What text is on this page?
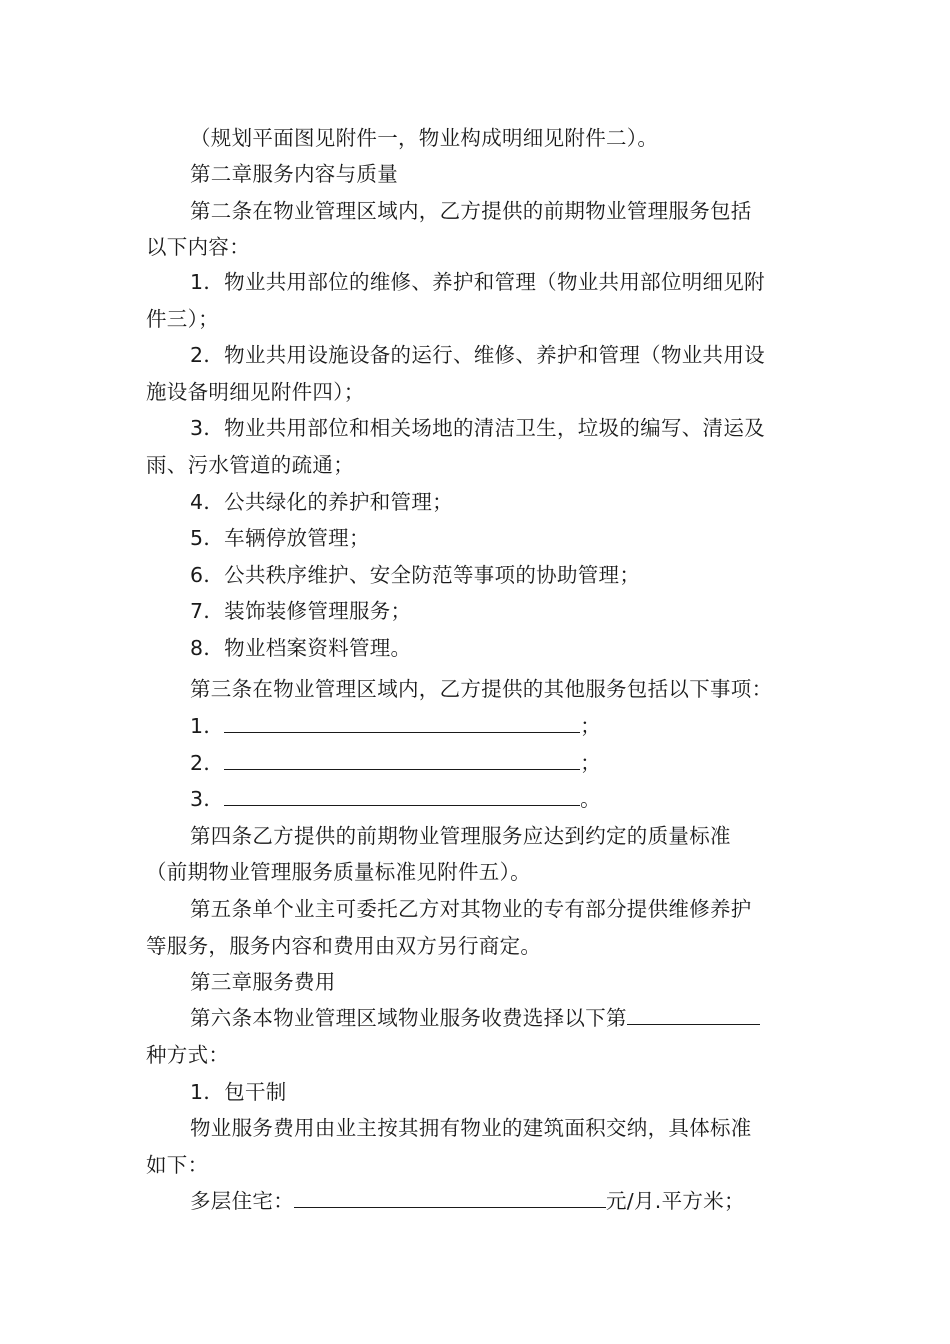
（规划平面图见附件一，物业构成明细见附件二）。
第二章服务内容与质量
第二条在物业管理区域内，乙方提供的前期物业管理服务包括
以下内容：
1．物业共用部位的维修、养护和管理（物业共用部位明细见附
件三）；
2．物业共用设施设备的运行、维修、养护和管理（物业共用设
施设备明细见附件四）；
3．物业共用部位和相关场地的清洁卫生，垃圾的编写、清运及
雨、污水管道的疏通；
4．公共绿化的养护和管理；
5．车辆停放管理；
6．公共秩序维护、安全防范等事项的协助管理；
7．装饰装修管理服务；
8．物业档案资料管理。
第三条在物业管理区域内，乙方提供的其他服务包括以下事项：
1．	；
2．	；
3．	。
第四条乙方提供的前期物业管理服务应达到约定的质量标准
（前期物业管理服务质量标准见附件五）。
第五条单个业主可委托乙方对其物业的专有部分提供维修养护
等服务，服务内容和费用由双方另行商定。
第三章服务费用
第六条本物业管理区域物业服务收费选择以下第
种方式：
1．包干制
物业服务费用由业主按其拥有物业的建筑面积交纳，具体标准
如下：
多层住宅：	元/月.平方米；
